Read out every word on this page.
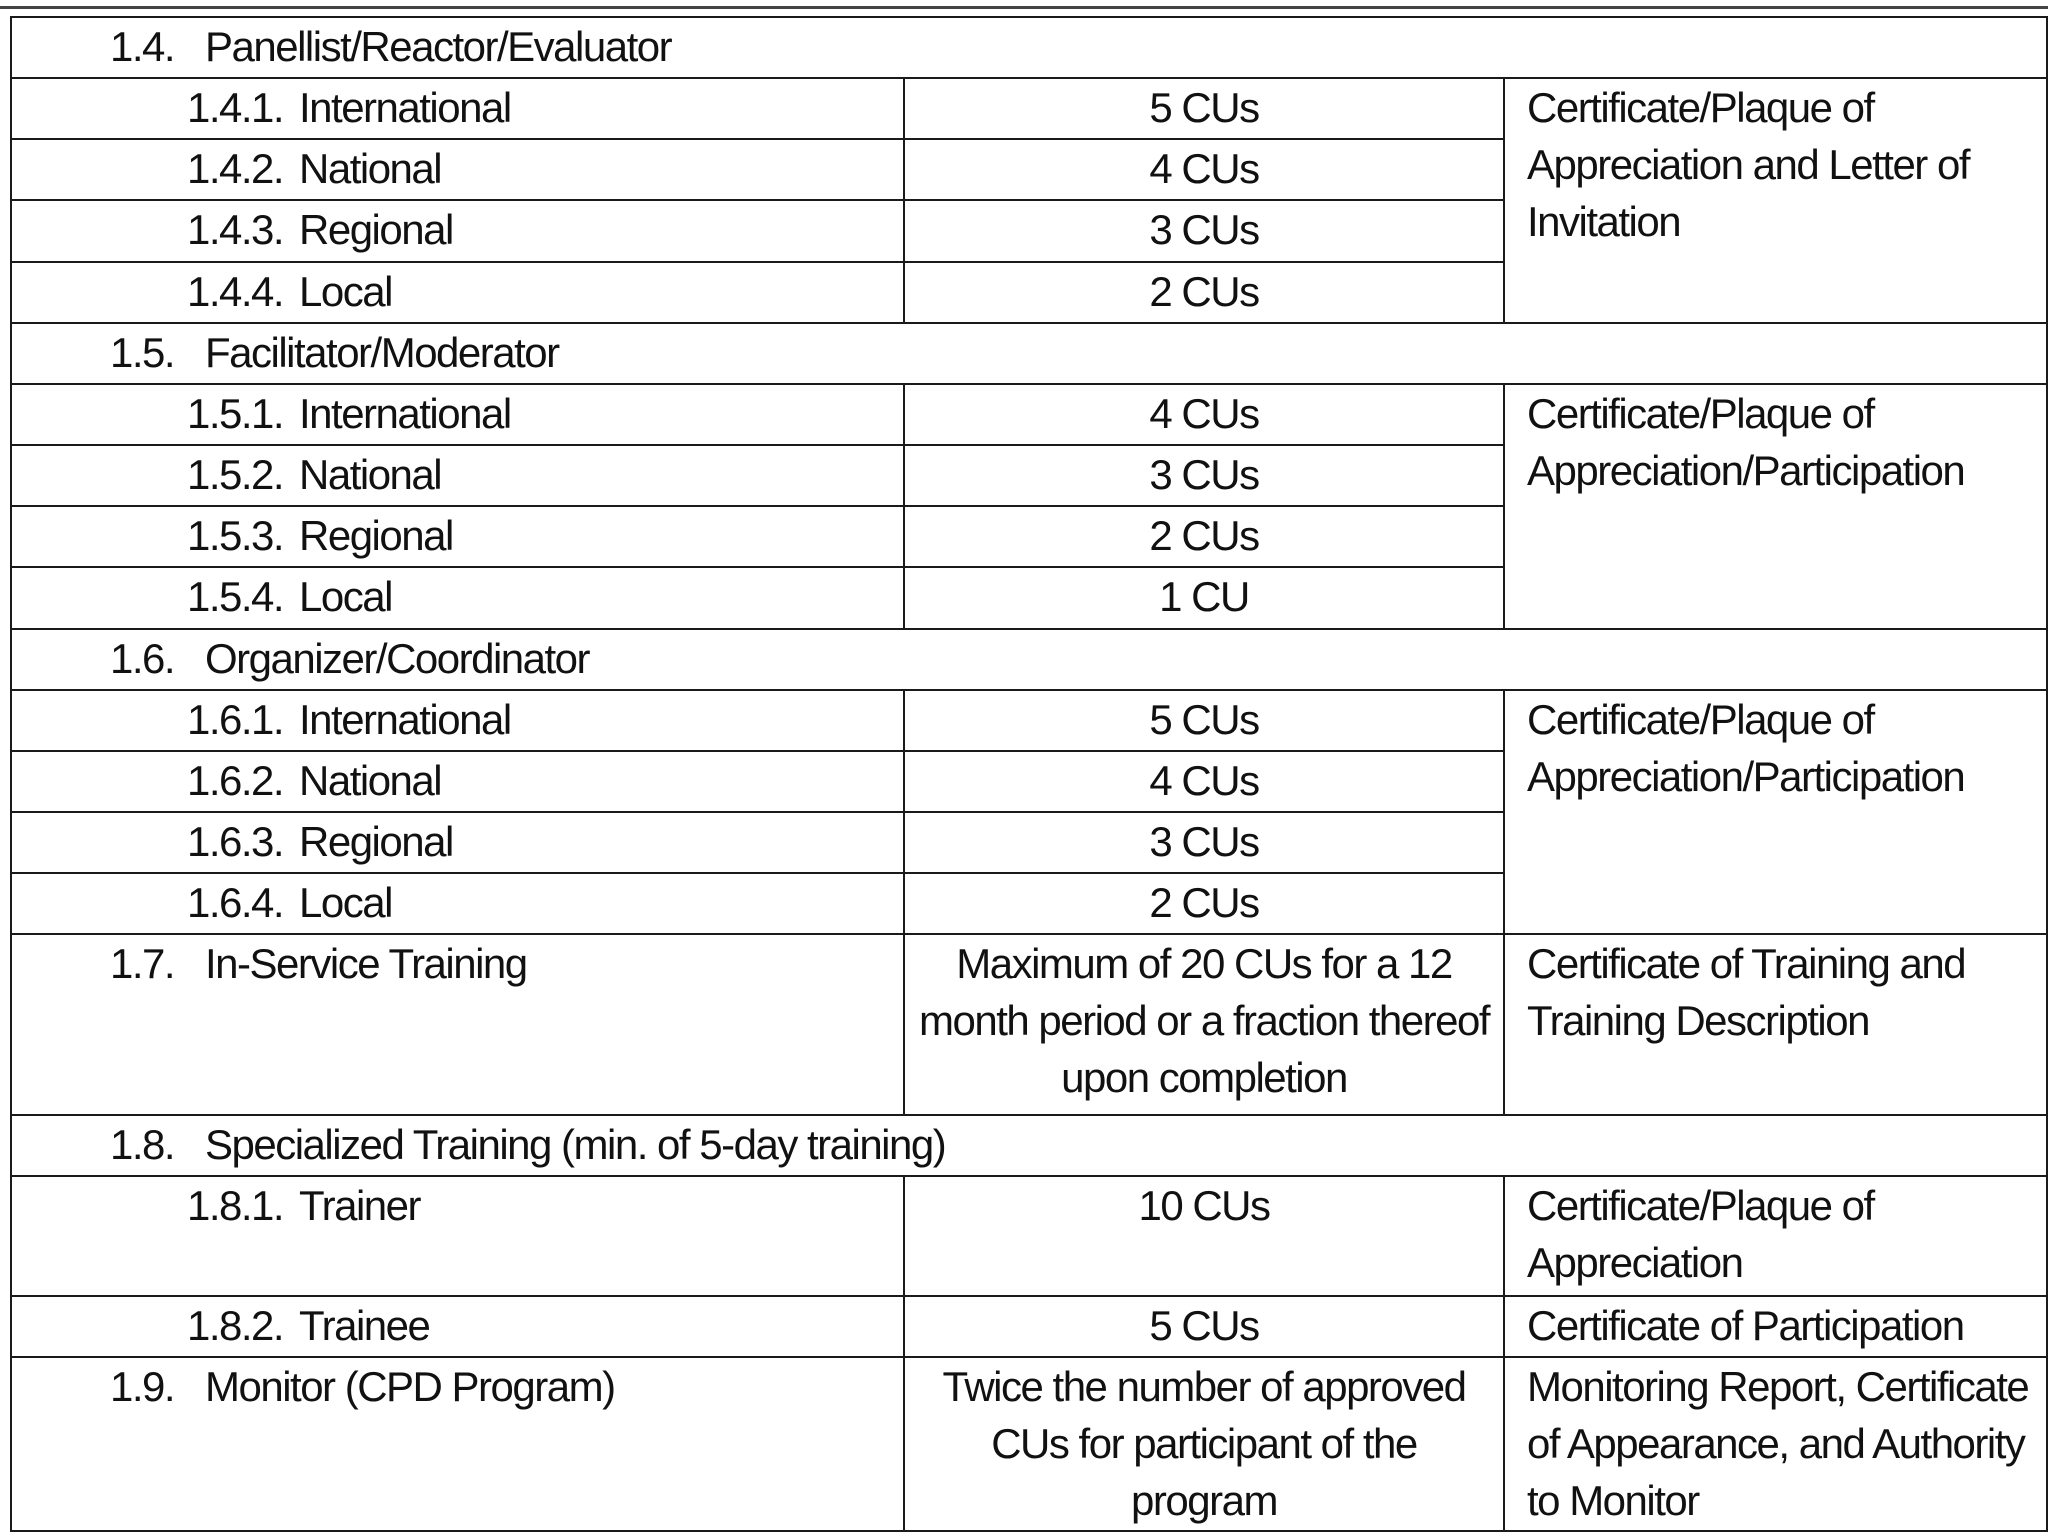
1.4. Panellist/Reactor/Evaluator		

1.4.1. International	5 CUs	Certificate/Plaque of Appreciation and Letter of Invitation

1.4.2. National	4 CUs	

1.4.3. Regional	3 CUs	

1.4.4. Local	2 CUs	

1.5. Facilitator/Moderator		

1.5.1. International	4 CUs	Certificate/Plaque of Appreciation/Participation

1.5.2. National	3 CUs	

1.5.3. Regional	2 CUs	

1.5.4. Local	1 CU	

1.6. Organizer/Coordinator		

1.6.1. International	5 CUs	Certificate/Plaque of Appreciation/Participation

1.6.2. National	4 CUs	

1.6.3. Regional	3 CUs	

1.6.4. Local	2 CUs	

1.7. In-Service Training	Maximum of 20 CUs for a 12 month period or a fraction thereof upon completion	Certificate of Training and Training Description

1.8. Specialized Training (min. of 5-day training)		

1.8.1. Trainer	10 CUs	Certificate/Plaque of Appreciation

1.8.2. Trainee	5 CUs	Certificate of Participation

1.9. Monitor (CPD Program)	Twice the number of approved CUs for participant of the program	Monitoring Report, Certificate of Appearance, and Authority to Monitor
